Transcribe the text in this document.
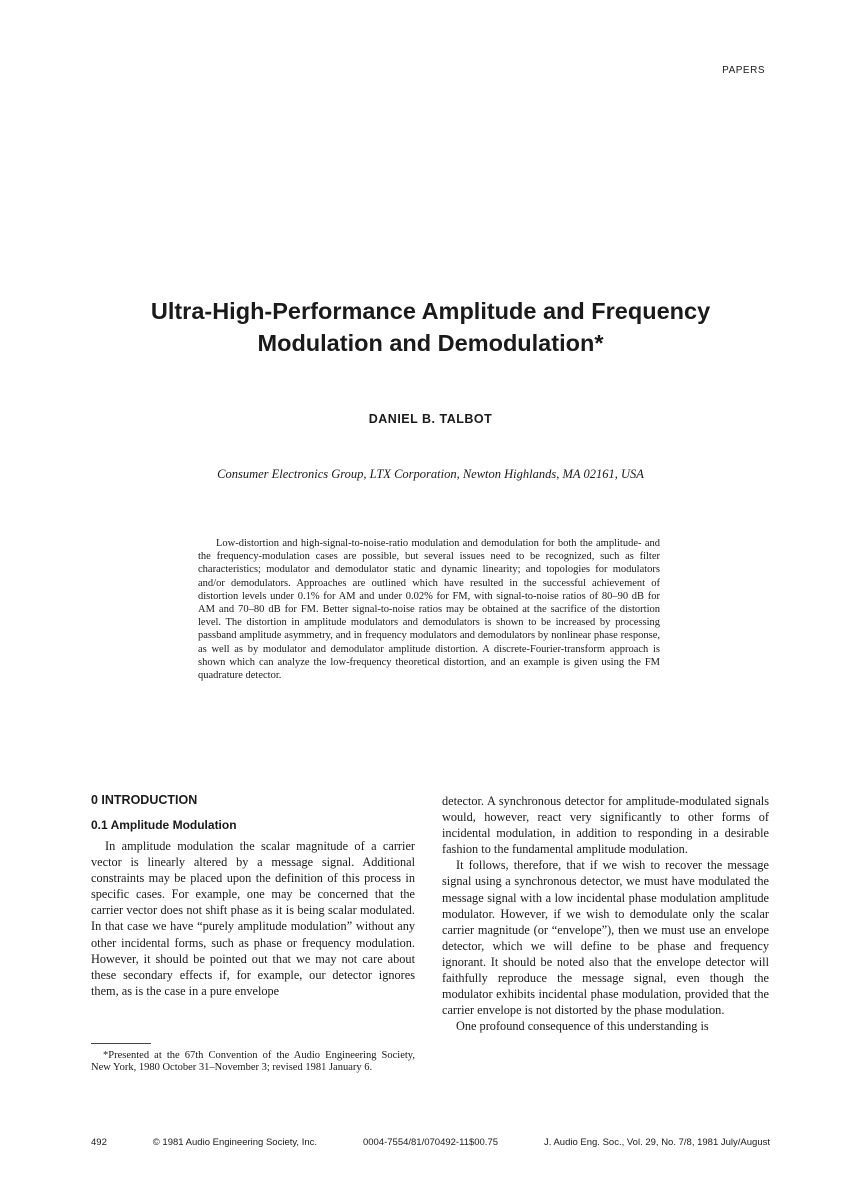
PAPERS
Ultra-High-Performance Amplitude and Frequency
Modulation and Demodulation*
DANIEL B. TALBOT
Consumer Electronics Group, LTX Corporation, Newton Highlands, MA 02161, USA

Low-distortion and high-signal-to-noise-ratio modulation and demodulation for both the amplitude- and the frequency-modulation cases are possible, but several issues need to be recognized, such as filter characteristics; modulator and demodulator static and dynamic linearity; and topologies for modulators and/or demodulators. Approaches are outlined which have resulted in the successful achievement of distortion levels under 0.1% for AM and under 0.02% for FM, with signal-to-noise ratios of 80–90 dB for AM and 70–80 dB for FM. Better signal-to-noise ratios may be obtained at the sacrifice of the distortion level. The distortion in amplitude modulators and demodulators is shown to be increased by processing passband amplitude asymmetry, and in frequency modulators and demodulators by nonlinear phase response, as well as by modulator and demodulator amplitude distortion. A discrete-Fourier-transform approach is shown which can analyze the low-frequency theoretical distortion, and an example is given using the FM quadrature detector.

0 INTRODUCTION
0.1 Amplitude Modulation

In amplitude modulation the scalar magnitude of a carrier vector is linearly altered by a message signal. Additional constraints may be placed upon the definition of this process in specific cases. For example, one may be concerned that the carrier vector does not shift phase as it is being scalar modulated. In that case we have “purely amplitude modulation” without any other incidental forms, such as phase or frequency modulation. However, it should be pointed out that we may not care about these secondary effects if, for example, our detector ignores them, as is the case in a pure envelope

detector. A synchronous detector for amplitude-modulated signals would, however, react very significantly to other forms of incidental modulation, in addition to responding in a desirable fashion to the fundamental amplitude modulation.

It follows, therefore, that if we wish to recover the message signal using a synchronous detector, we must have modulated the message signal with a low incidental phase modulation amplitude modulator. However, if we wish to demodulate only the scalar carrier magnitude (or “envelope”), then we must use an envelope detector, which we will define to be phase and frequency ignorant. It should be noted also that the envelope detector will faithfully reproduce the message signal, even though the modulator exhibits incidental phase modulation, provided that the carrier envelope is not distorted by the phase modulation.

One profound consequence of this understanding is

*Presented at the 67th Convention of the Audio Engineering Society, New York, 1980 October 31–November 3; revised 1981 January 6.

492	© 1981 Audio Engineering Society, Inc.	0004-7554/81/070492-11$00.75	J. Audio Eng. Soc., Vol. 29, No. 7/8, 1981 July/August
